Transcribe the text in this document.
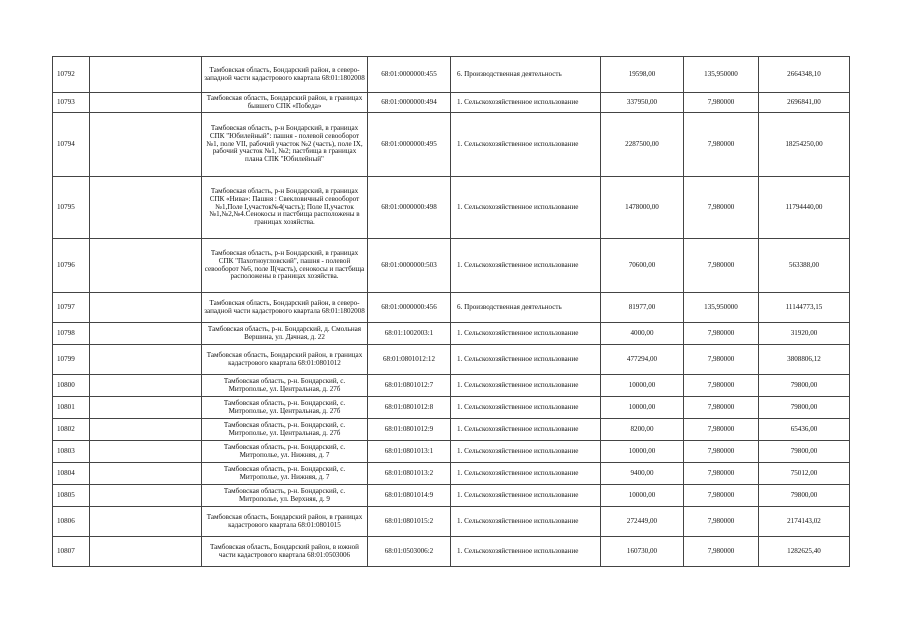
10792		Тамбовская область, Бондарский район, в северо-западной части кадастрового квартала 68:01:1802008	68:01:0000000:455	6. Производственная деятельность	19598,00	135,950000	2664348,10
10793		Тамбовская область, Бондарский район, в границах бывшего СПК «Победа»	68:01:0000000:494	1. Сельскохозяйственное использование	337950,00	7,980000	2696841,00
10794		Тамбовская область, р-н Бондарский, в границах СПК "Юбилейный": пашня - полевой севооборот №1, поле VII, рабочий участок №2 (часть), поле IX, рабочий участок №1, №2; пастбища в границах плана СПК "Юбилейный"	68:01:0000000:495	1. Сельскохозяйственное использование	2287500,00	7,980000	18254250,00
10795		Тамбовская область, р-н Бондарский, в границах СПК «Нива»: Пашня : Свекловичный севооборот №1,Поле I,участок№4(часть); Поле II,участок №1,№2,№4.Сенокосы и пастбища расположены в границах хозяйства.	68:01:0000000:498	1. Сельскохозяйственное использование	1478000,00	7,980000	11794440,00
10796		Тамбовская область, р-н Бондарский, в границах СПК "Пахотноугловский", пашня - полевой севооборот №6, поле II(часть), сенокосы и пастбища расположены в границах хозяйства.	68:01:0000000:503	1. Сельскохозяйственное использование	70600,00	7,980000	563388,00
10797		Тамбовская область, Бондарский район, в северо-западной части кадастрового квартала 68:01:1802008	68:01:0000000:456	6. Производственная деятельность	81977,00	135,950000	11144773,15
10798		Тамбовская область, р-н. Бондарский, д. Смольная Вершина, ул. Дачная, д. 22	68:01:1002003:1	1. Сельскохозяйственное использование	4000,00	7,980000	31920,00
10799		Тамбовская область, Бондарский район, в границах кадастрового квартала 68:01:0801012	68:01:0801012:12	1. Сельскохозяйственное использование	477294,00	7,980000	3808806,12
10800		Тамбовская область, р-н. Бондарский, с. Митрополье, ул. Центральная, д. 27б	68:01:0801012:7	1. Сельскохозяйственное использование	10000,00	7,980000	79800,00
10801		Тамбовская область, р-н. Бондарский, с. Митрополье, ул. Центральная, д. 27б	68:01:0801012:8	1. Сельскохозяйственное использование	10000,00	7,980000	79800,00
10802		Тамбовская область, р-н. Бондарский, с. Митрополье, ул. Центральная, д. 27б	68:01:0801012:9	1. Сельскохозяйственное использование	8200,00	7,980000	65436,00
10803		Тамбовская область, р-н. Бондарский, с. Митрополье, ул. Нижняя, д. 7	68:01:0801013:1	1. Сельскохозяйственное использование	10000,00	7,980000	79800,00
10804		Тамбовская область, р-н. Бондарский, с. Митрополье, ул. Нижняя, д. 7	68:01:0801013:2	1. Сельскохозяйственное использование	9400,00	7,980000	75012,00
10805		Тамбовская область, р-н. Бондарский, с. Митрополье, ул. Верхняя, д. 9	68:01:0801014:9	1. Сельскохозяйственное использование	10000,00	7,980000	79800,00
10806		Тамбовская область, Бондарский район, в границах кадастрового квартала 68:01:0801015	68:01:0801015:2	1. Сельскохозяйственное использование	272449,00	7,980000	2174143,02
10807		Тамбовская область, Бондарский район, в южной части кадастрового квартала 68:01:0503006	68:01:0503006:2	1. Сельскохозяйственное использование	160730,00	7,980000	1282625,40
